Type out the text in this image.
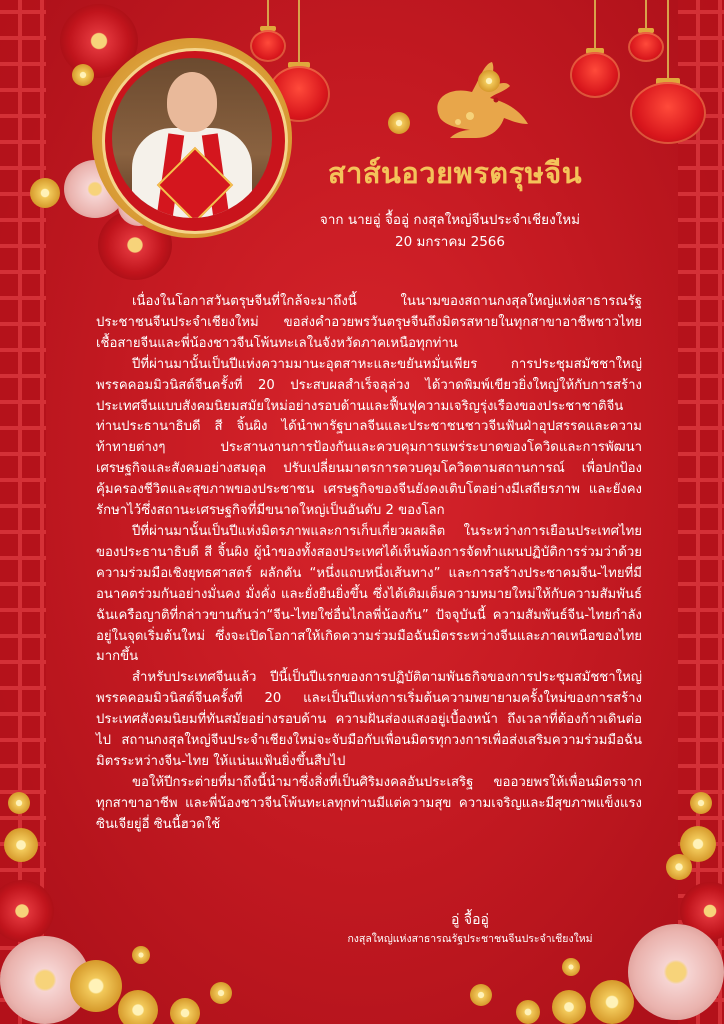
สาส์นอวยพรตรุษจีน
จาก นายอู่ จื้ออู่ กงสุลใหญ่จีนประจำเชียงใหม่
20 มกราคม 2566

เนื่องในโอกาสวันตรุษจีนที่ใกล้จะมาถึงนี้ ในนามของสถานกงสุลใหญ่แห่งสาธารณรัฐประชาชนจีนประจำเชียงใหม่ ขอส่งคำอวยพรวันตรุษจีนถึงมิตรสหายในทุกสาขาอาชีพชาวไทยเชื้อสายจีนและพี่น้องชาวจีนโพ้นทะเลในจังหวัดภาคเหนือทุกท่าน

ปีที่ผ่านมานั้นเป็นปีแห่งความมานะอุตสาหะและขยันหมั่นเพียร การประชุมสมัชชาใหญ่พรรคคอมมิวนิสต์จีนครั้งที่ 20 ประสบผลสำเร็จลุล่วง ได้วาดพิมพ์เขียวยิ่งใหญ่ให้กับการสร้างประเทศจีนแบบสังคมนิยมสมัยใหม่อย่างรอบด้านและฟื้นฟูความเจริญรุ่งเรืองของประชาชาติจีน ท่านประธานาธิบดี สี จิ้นผิง ได้นำพารัฐบาลจีนและประชาชนชาวจีนฟันฝ่าอุปสรรคและความท้าทายต่างๆ ประสานงานการป้องกันและควบคุมการแพร่ระบาดของโควิดและการพัฒนาเศรษฐกิจและสังคมอย่างสมดุล ปรับเปลี่ยนมาตรการควบคุมโควิดตามสถานการณ์ เพื่อปกป้องคุ้มครองชีวิตและสุขภาพของประชาชน เศรษฐกิจของจีนยังคงเติบโตอย่างมีเสถียรภาพ และยังคงรักษาไว้ซึ่งสถานะเศรษฐกิจที่มีขนาดใหญ่เป็นอันดับ 2 ของโลก

ปีที่ผ่านมานั้นเป็นปีแห่งมิตรภาพและการเก็บเกี่ยวผลผลิต ในระหว่างการเยือนประเทศไทยของประธานาธิบดี สี จิ้นผิง ผู้นำของทั้งสองประเทศได้เห็นพ้องการจัดทำแผนปฏิบัติการร่วมว่าด้วยความร่วมมือเชิงยุทธศาสตร์ ผลักดัน “หนึ่งแถบหนึ่งเส้นทาง” และการสร้างประชาคมจีน-ไทยที่มีอนาคตร่วมกันอย่างมั่นคง มั่งคั่ง และยั่งยืนยิ่งขึ้น ซึ่งได้เติมเต็มความหมายใหม่ให้กับความสัมพันธ์ฉันเครือญาติที่กล่าวขานกันว่า“จีน-ไทยใช่อื่นไกลพี่น้องกัน” ปัจจุบันนี้ ความสัมพันธ์จีน-ไทยกำลังอยู่ในจุดเริ่มต้นใหม่ ซึ่งจะเปิดโอกาสให้เกิดความร่วมมือฉันมิตรระหว่างจีนและภาคเหนือของไทยมากขึ้น

สำหรับประเทศจีนแล้ว ปีนี้เป็นปีแรกของการปฏิบัติตามพันธกิจของการประชุมสมัชชาใหญ่พรรคคอมมิวนิสต์จีนครั้งที่ 20 และเป็นปีแห่งการเริ่มต้นความพยายามครั้งใหม่ของการสร้างประเทศสังคมนิยมที่ทันสมัยอย่างรอบด้าน ความฝันส่องแสงอยู่เบื้องหน้า ถึงเวลาที่ต้องก้าวเดินต่อไป สถานกงสุลใหญ่จีนประจำเชียงใหม่จะจับมือกับเพื่อนมิตรทุกวงการเพื่อส่งเสริมความร่วมมือฉันมิตรระหว่างจีน-ไทย ให้แน่นแฟ้นยิ่งขึ้นสืบไป

ขอให้ปีกระต่ายที่มาถึงนี้นำมาซึ่งสิ่งที่เป็นศิริมงคลอันประเสริฐ ขออวยพรให้เพื่อนมิตรจากทุกสาขาอาชีพ และพี่น้องชาวจีนโพ้นทะเลทุกท่านมีแต่ความสุข ความเจริญและมีสุขภาพแข็งแรง ซินเจียยู่อี่ ซินนี้ฮวดใช้

อู่ จื้ออู่
กงสุลใหญ่แห่งสาธารณรัฐประชาชนจีนประจำเชียงใหม่
